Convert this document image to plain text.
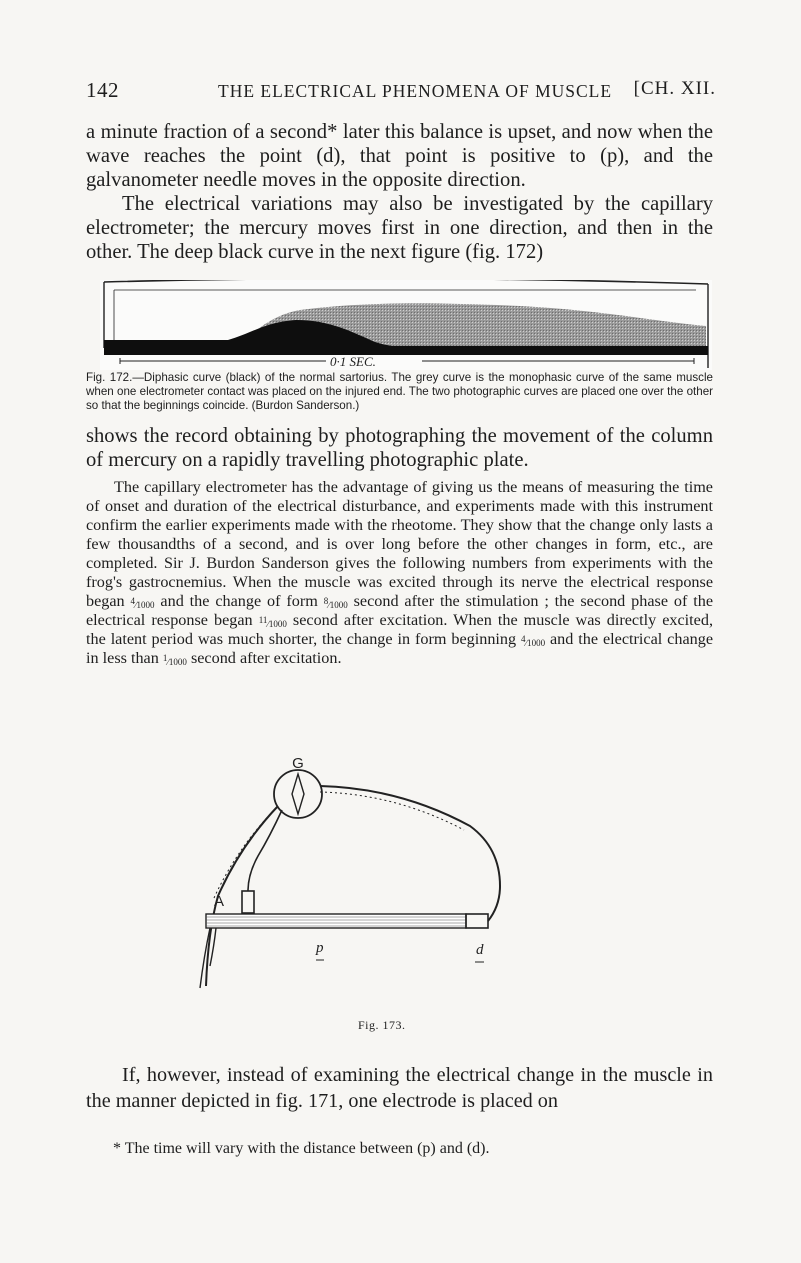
142	THE ELECTRICAL PHENOMENA OF MUSCLE [CH. XII.
a minute fraction of a second* later this balance is upset, and now when the wave reaches the point (d), that point is positive to (p), and the galvanometer needle moves in the opposite direction.
The electrical variations may also be investigated by the capillary electrometer; the mercury moves first in one direction, and then in the other. The deep black curve in the next figure (fig. 172)
0·1 SEC.
Fig. 172.—Diphasic curve (black) of the normal sartorius. The grey curve is the monophasic curve of the same muscle when one electrometer contact was placed on the injured end. The two photographic curves are placed one over the other so that the beginnings coincide. (Burdon Sanderson.)
shows the record obtaining by photographing the movement of the column of mercury on a rapidly travelling photographic plate.
The capillary electrometer has the advantage of giving us the means of measuring the time of onset and duration of the electrical disturbance, and experiments made with this instrument confirm the earlier experiments made with the rheotome. They show that the change only lasts a few thousandths of a second, and is over long before the other changes in form, etc., are completed. Sir J. Burdon Sanderson gives the following numbers from experiments with the frog's gastrocnemius. When the muscle was excited through its nerve the electrical response began $^4$⁄1000 and the change of form $^8$⁄1000 second after the stimulation ; the second phase of the electrical response began $^{11}$⁄1000 second after excitation. When the muscle was directly excited, the latent period was much shorter, the change in form beginning $^4$⁄1000 and the electrical change in less than $^1$⁄1000 second after excitation.
G
A
p	d
Fig. 173.
If, however, instead of examining the electrical change in the muscle in the manner depicted in fig. 171, one electrode is placed on
* The time will vary with the distance between (p) and (d).
